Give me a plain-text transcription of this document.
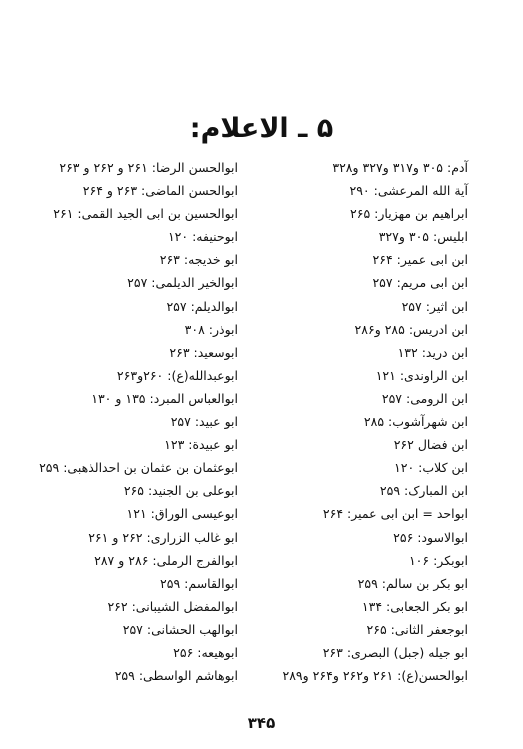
۵ ـ الاعلام:
آدم: ۳۰۵ و۳۱۷ و۳۲۷ و۳۲۸
آیة الله المرعشی: ۲۹۰
ابراهیم بن مهزیار: ۲۶۵
ابلیس: ۳۰۵ و۳۲۷
ابن ابی عمیر: ۲۶۴
ابن ابی مریم: ۲۵۷
ابن اثیر: ۲۵۷
ابن ادریس: ۲۸۵ و۲۸۶
ابن درید: ۱۳۲
ابن الراوندی: ۱۲۱
ابن الرومی: ۲۵۷
ابن شهرآشوب: ۲۸۵
ابن فضال ۲۶۲
ابن کلاب: ۱۲۰
ابن المبارک: ۲۵۹
ابواحد = ابن ابی عمیر: ۲۶۴
ابوالاسود: ۲۵۶
ابوبکر: ۱۰۶
ابو بکر بن سالم: ۲۵۹
ابو بکر الجعابی: ۱۳۴
ابوجعفر الثانی: ۲۶۵
ابو جیله (جبل) البصری: ۲۶۳
ابوالحسن(ع): ۲۶۱ و۲۶۲ و۲۶۴ و۲۸۹
ابوالحسن الرضا: ۲۶۱ و ۲۶۲ و ۲۶۳
ابوالحسن الماضی: ۲۶۳ و ۲۶۴
ابوالحسین بن ابی الجید القمی: ۲۶۱
ابوحنیفه: ۱۲۰
ابو خدیجه: ۲۶۳
ابوالخیر الدیلمی: ۲۵۷
ابوالدیلم: ۲۵۷
ابوذر: ۳۰۸
ابوسعید: ۲۶۳
ابوعبدالله(ع): ۲۶۰و۲۶۳
ابوالعباس المبرد: ۱۳۵ و ۱۳۰
ابو عبید: ۲۵۷
ابو عبیدة: ۱۲۳
ابوعثمان بن عثمان بن احدالذهبی: ۲۵۹
ابوعلی بن الجنید: ۲۶۵
ابوعیسی الوراق: ۱۲۱
ابو غالب الزراری: ۲۶۲ و ۲۶۱
ابوالفرج الرملی: ۲۸۶ و ۲۸۷
ابوالقاسم: ۲۵۹
ابوالمفضل الشیبانی: ۲۶۲
ابوالهب الحشانی: ۲۵۷
ابوهیعه: ۲۵۶
ابوهاشم الواسطی: ۲۵۹
۳۴۵
